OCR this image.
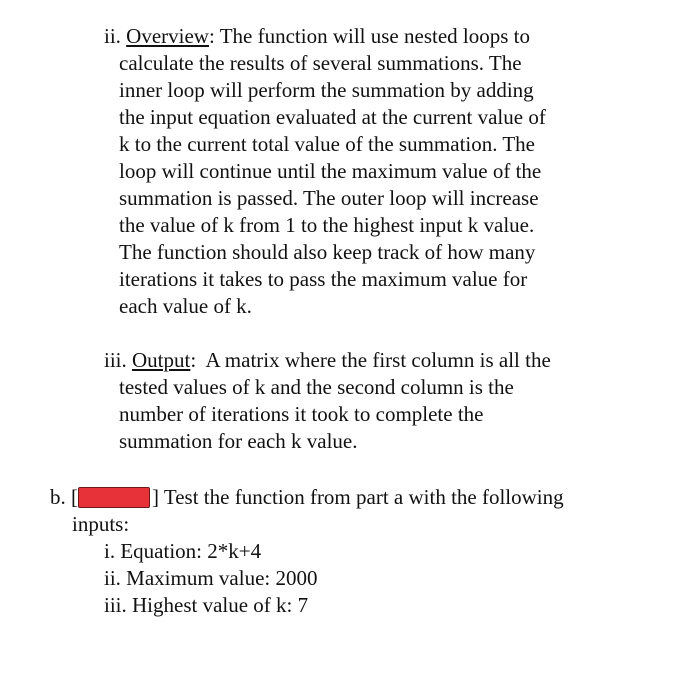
ii. Overview: The function will use nested loops to
calculate the results of several summations. The
inner loop will perform the summation by adding
the input equation evaluated at the current value of
k to the current total value of the summation. The
loop will continue until the maximum value of the
summation is passed. The outer loop will increase
the value of k from 1 to the highest input k value.
The function should also keep track of how many
iterations it takes to pass the maximum value for
each value of k.
iii. Output:  A matrix where the first column is all the
tested values of k and the second column is the
number of iterations it took to complete the
summation for each k value.
b. [	] Test the function from part a with the following
inputs:
i. Equation: 2*k+4
ii. Maximum value: 2000
iii. Highest value of k: 7
